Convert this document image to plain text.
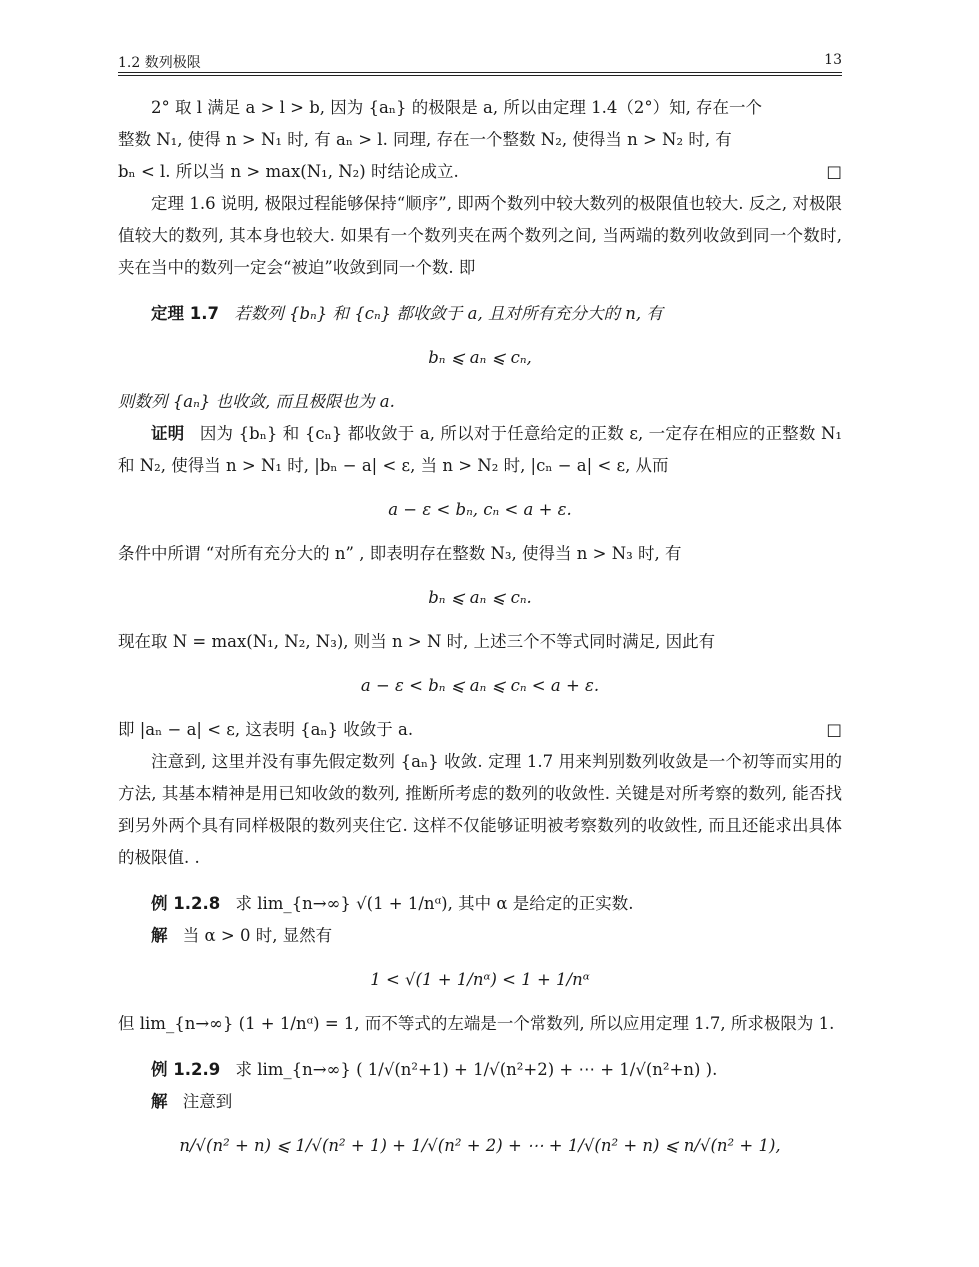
1.2 数列极限	13

2° 取 l 满足 a > l > b, 因为 {aₙ} 的极限是 a, 所以由定理 1.4（2°）知, 存在一个

整数 N₁, 使得 n > N₁ 时, 有 aₙ > l. 同理, 存在一个整数 N₂, 使得当 n > N₂ 时, 有

bₙ < l. 所以当 n > max(N₁, N₂) 时结论成立.	□

定理 1.6 说明, 极限过程能够保持“顺序”, 即两个数列中较大数列的极限值也较大. 反之, 对极限值较大的数列, 其本身也较大. 如果有一个数列夹在两个数列之间, 当两端的数列收敛到同一个数时, 夹在当中的数列一定会“被迫”收敛到同一个数. 即

定理 1.7 若数列 {bₙ} 和 {cₙ} 都收敛于 a, 且对所有充分大的 n, 有

bₙ ⩽ aₙ ⩽ cₙ,

则数列 {aₙ} 也收敛, 而且极限也为 a.

证明 因为 {bₙ} 和 {cₙ} 都收敛于 a, 所以对于任意给定的正数 ε, 一定存在相应的正整数 N₁ 和 N₂, 使得当 n > N₁ 时, |bₙ − a| < ε, 当 n > N₂ 时, |cₙ − a| < ε, 从而

a − ε < bₙ, cₙ < a + ε.

条件中所谓 “对所有充分大的 n” , 即表明存在整数 N₃, 使得当 n > N₃ 时, 有

bₙ ⩽ aₙ ⩽ cₙ.

现在取 N = max(N₁, N₂, N₃), 则当 n > N 时, 上述三个不等式同时满足, 因此有

a − ε < bₙ ⩽ aₙ ⩽ cₙ < a + ε.

即 |aₙ − a| < ε, 这表明 {aₙ} 收敛于 a.	□

注意到, 这里并没有事先假定数列 {aₙ} 收敛. 定理 1.7 用来判别数列收敛是一个初等而实用的方法, 其基本精神是用已知收敛的数列, 推断所考虑的数列的收敛性. 关键是对所考察的数列, 能否找到另外两个具有同样极限的数列夹住它. 这样不仅能够证明被考察数列的收敛性, 而且还能求出具体的极限值. .

例 1.2.8 求 lim_{n→∞} √(1 + 1/nᵅ), 其中 α 是给定的正实数.

解 当 α > 0 时, 显然有

1 < √(1 + 1/nᵅ) < 1 + 1/nᵅ

但 lim_{n→∞} (1 + 1/nᵅ) = 1, 而不等式的左端是一个常数列, 所以应用定理 1.7, 所求极限为 1.

例 1.2.9 求 lim_{n→∞} ( 1/√(n²+1) + 1/√(n²+2) + ⋯ + 1/√(n²+n) ).

解 注意到

n/√(n² + n) ⩽ 1/√(n² + 1) + 1/√(n² + 2) + ⋯ + 1/√(n² + n) ⩽ n/√(n² + 1),
